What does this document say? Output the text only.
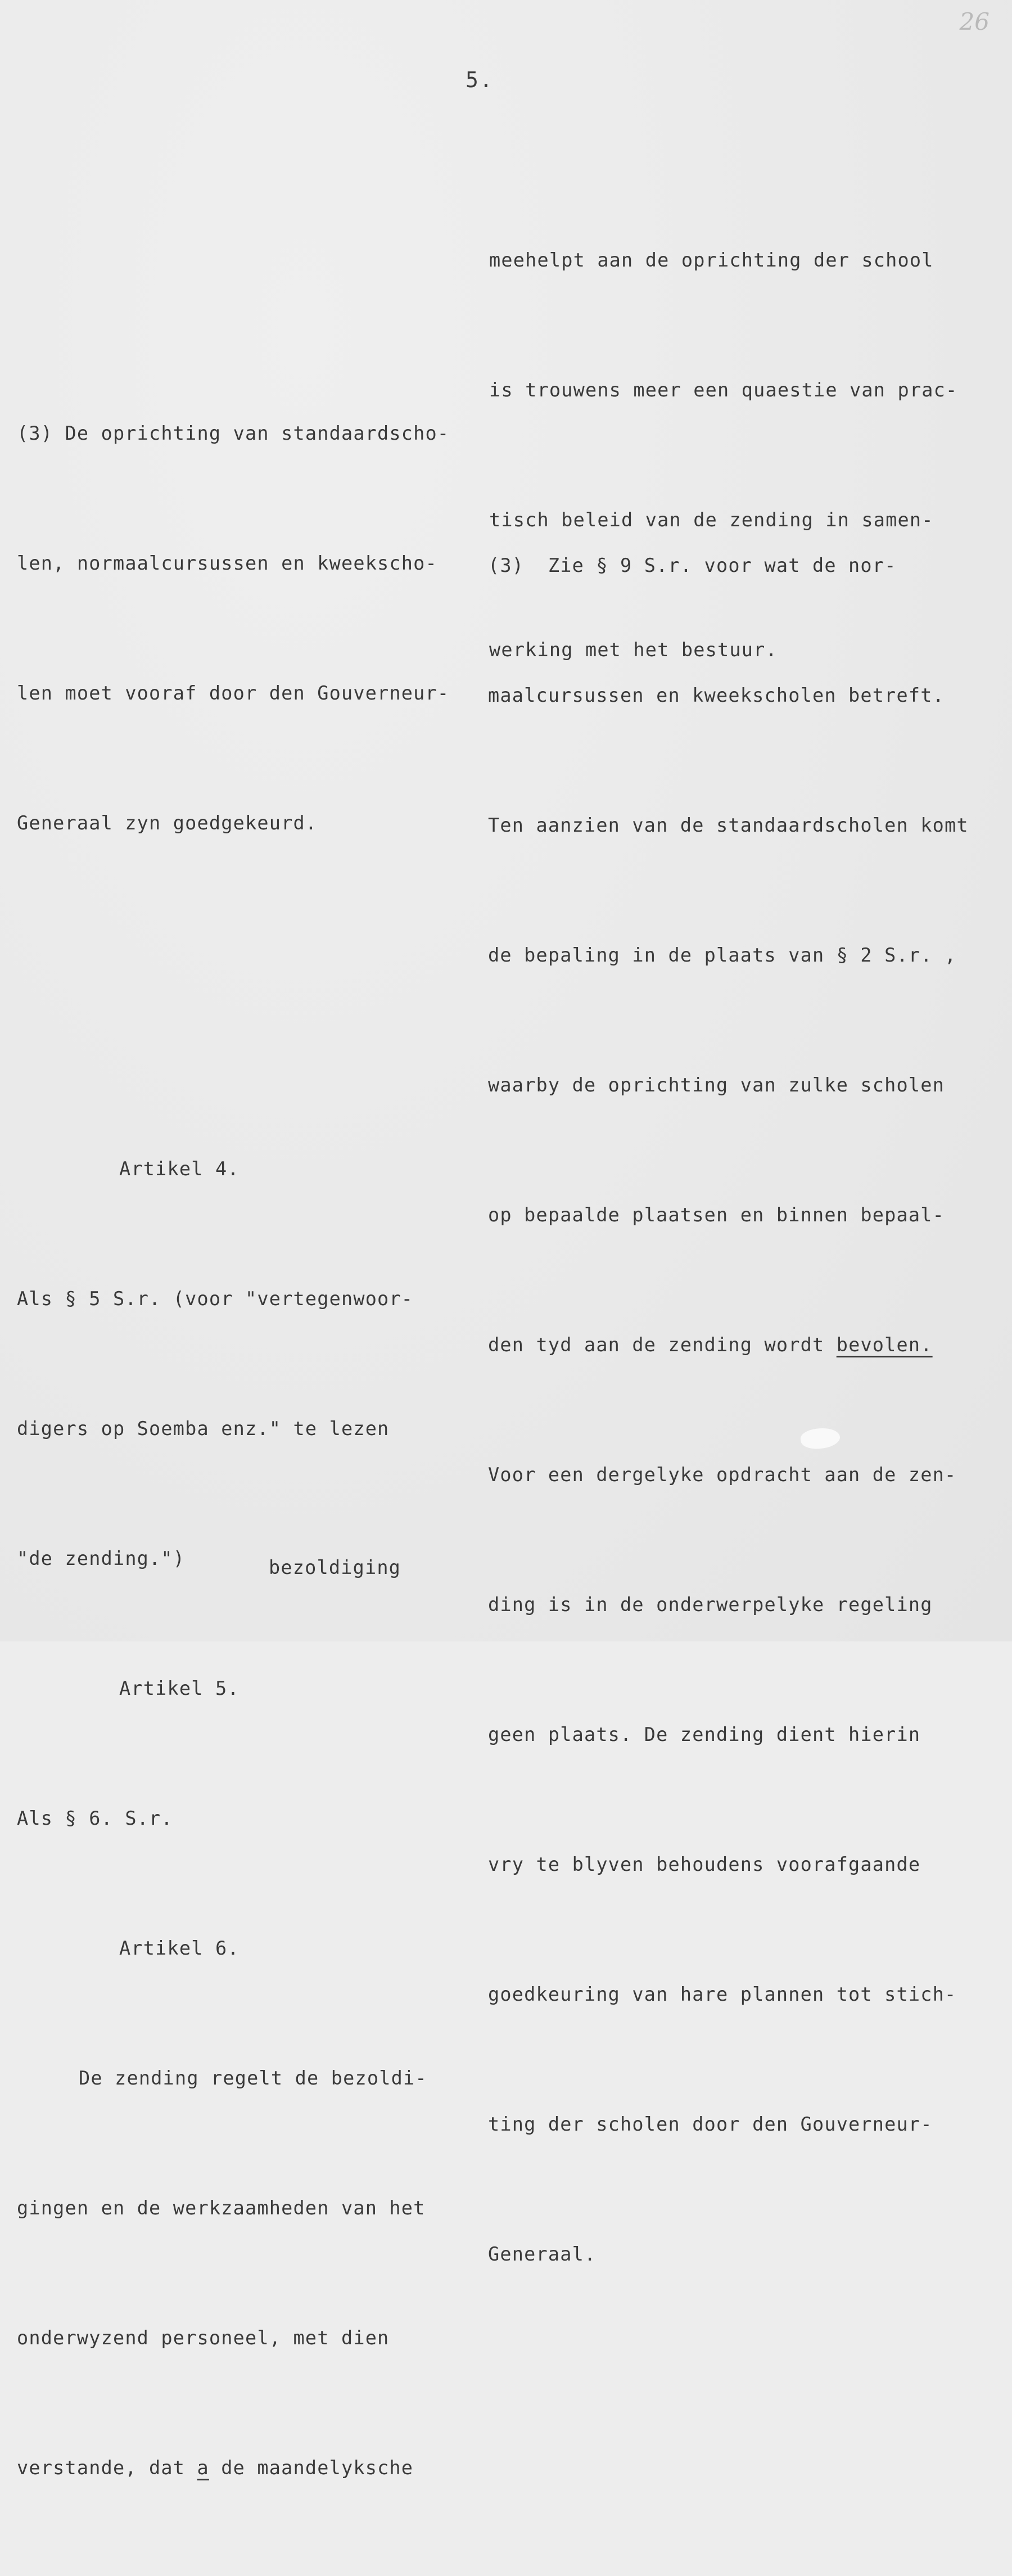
26
5.

meehelpt aan de oprichting der school

is trouwens meer een quaestie van prac-

tisch beleid van de zending in samen-

werking met het bestuur.

(3) De oprichting van standaardscho-

len, normaalcursussen en kweekscho-

len moet vooraf door den Gouverneur-

Generaal zyn goedgekeurd.

(3)  Zie § 9 S.r. voor wat de nor-

maalcursussen en kweekscholen betreft.

Ten aanzien van de standaardscholen komt

de bepaling in de plaats van § 2 S.r. ,

waarby de oprichting van zulke scholen

op bepaalde plaatsen en binnen bepaal-

den tyd aan de zending wordt bevolen.

Voor een dergelyke opdracht aan de zen-

ding is in de onderwerpelyke regeling

geen plaats. De zending dient hierin

vry te blyven behoudens voorafgaande

goedkeuring van hare plannen tot stich-

ting der scholen door den Gouverneur-

Generaal.

Artikel 4.

Als § 5 S.r. (voor "vertegenwoor-

digers op Soemba enz." te lezen

"de zending.")

Artikel 5.

Als § 6. S.r.

Artikel 6.

De zending regelt de bezoldi-

gingen en de werkzaamheden van het

onderwyzend personeel, met dien

verstande, dat a de maandelyksche

bezoldiging
